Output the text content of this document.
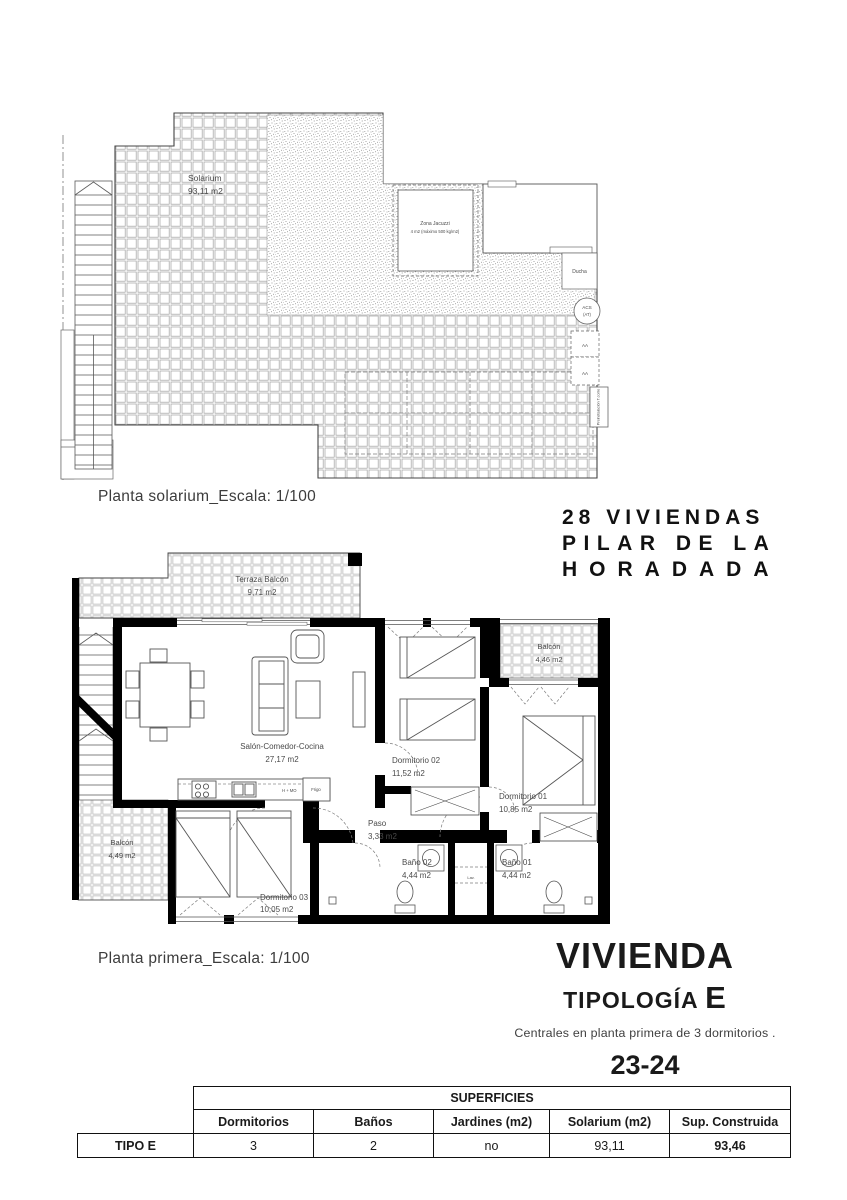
Zona Jacuzzi
4 m2 (máximo 500 kg/m2)
Ducha
ACS
(AT)
AA
AA
Preinstalación T.corre
Solarium
93,11 m2
Planta solarium_Escala: 1/100
28 VIVIENDAS
PILAR DE LA
HORADADA
Terraza Balcón
9,71 m2
H + MO	Frigo
Lav.
Salón-Comedor-Cocina
27,17 m2	Dormitorio 02
11,52 m2
Balcón
4,46 m2
Dormitorio 01
10,85 m2
Paso
3,33 m2
Baño 02
4,44 m2
Baño 01
4,44 m2
Dormitorio 03
10,05 m2
Balcón
4,49 m2
Planta primera_Escala: 1/100	VIVIENDA
TIPOLOGÍA E
Centrales en planta primera de 3 dormitorios .
23-24
	SUPERFICIES				
	Dormitorios	Baños	Jardines (m2)	Solarium (m2)	Sup. Construida
TIPO E	3	2	no	93,11	93,46
